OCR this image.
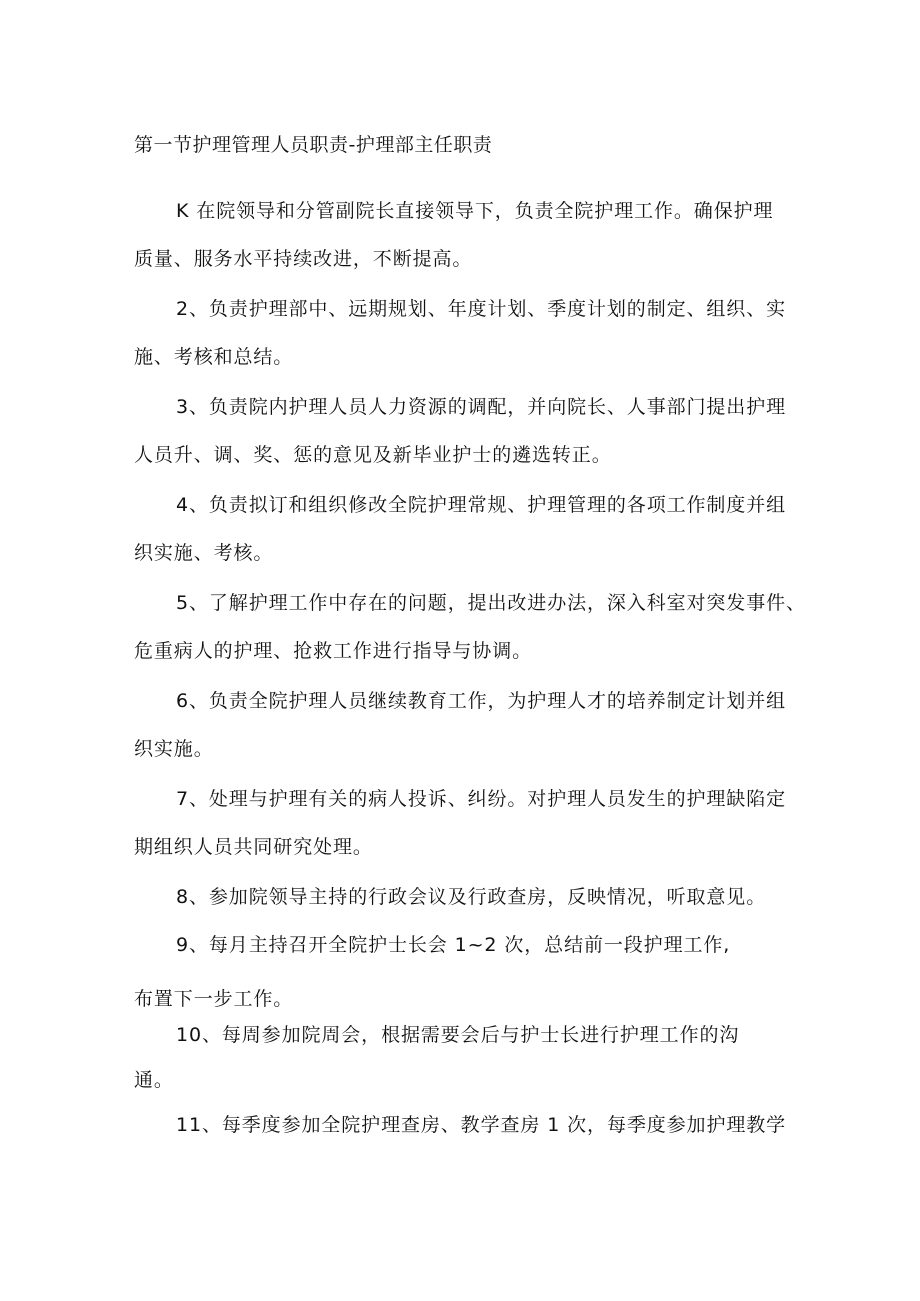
第一节护理管理人员职责-护理部主任职责
K 在院领导和分管副院长直接领导下，负责全院护理工作。确保护理
质量、服务水平持续改进，不断提高。
2、负责护理部中、远期规划、年度计划、季度计划的制定、组织、实
施、考核和总结。
3、负责院内护理人员人力资源的调配，并向院长、人事部门提出护理
人员升、调、奖、惩的意见及新毕业护士的遴选转正。
4、负责拟订和组织修改全院护理常规、护理管理的各项工作制度并组
织实施、考核。
5、了解护理工作中存在的问题，提出改进办法，深入科室对突发事件、
危重病人的护理、抢救工作进行指导与协调。
6、负责全院护理人员继续教育工作，为护理人才的培养制定计划并组
织实施。
7、处理与护理有关的病人投诉、纠纷。对护理人员发生的护理缺陷定
期组织人员共同研究处理。
8、参加院领导主持的行政会议及行政查房，反映情况，听取意见。
9、每月主持召开全院护士长会 1~2 次，总结前一段护理工作,
布置下一步工作。
10、每周参加院周会，根据需要会后与护士长进行护理工作的沟
通。
11、每季度参加全院护理查房、教学查房 1 次，每季度参加护理教学
